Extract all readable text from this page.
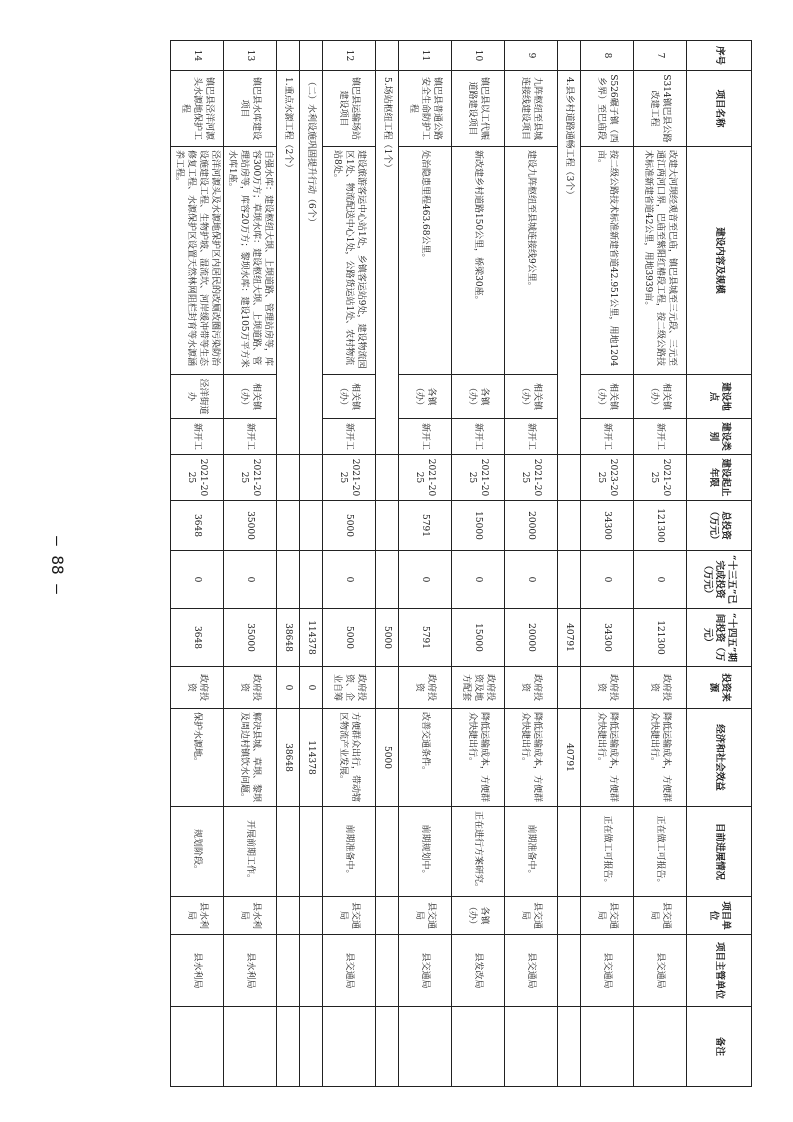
序号	项目名称	建设内容及规模	建设地点	建设类别	建设起止年限	总投资（万元）	“十三五”已完成投资（万元）	“十四五”期间投资（万元）	投资来源	经济和社会效益	目前进展情况	项目单位	项目主管单位	备注	
7	S314镇巴县公路改建工程	改建大河坝经观音至巴庙，镇巴县城至三元段、三元至通江两河口界，巴庙至紫阳红椿段工程，按二级公路技术标准新建省道42公里，用地3939亩。	相关镇（办）	新开工	2021-2025	121300	0	121300	政府投资	降低运输成本，方便群众快捷出行。	正在做工可报告。	县交通局	县交通局		
8	S526碾子镇（西乡界）至巴庙段	按二级公路技术标准新建省道42.951公里，用地1204亩。	相关镇（办）	新开工	2023-2025	34300	0	34300	政府投资	降低运输成本，方便群众快捷出行。	正在做工可报告。	县交通局	县交通局		
	4.县乡村道路通畅工程（3个）							40791		40791						
9	九阵枢纽至县城连接线建设项目	建设九阵枢纽至县城连接线9公里。	相关镇（办）	新开工	2021-2025	20000	0	20000	政府投资	降低运输成本，方便群众快捷出行。	前期准备中。	县交通局	县交通局		
10	镇巴县以工代赈道路建设项目	新改建乡村道路150公里，桥梁30座。	各镇（办）	新开工	2021-2025	15000	0	15000	政府投资及地方配套	降低运输成本，方便群众快捷出行。	正在进行方案研究。	各镇（办）	县发改局		
11	镇巴县普通公路安全生命防护工程	处治隐患里程463.68公里。	各镇（办）	新开工	2021-2025	5791	0	5791	政府投资	改善交通条件。	前期规划中。	县交通局	县交通局		
	5.场站枢纽工程（1个）							5000		5000						
12	镇巴县运输场站建设项目	建设旅游客运中心站1处，乡镇客运站9处，建设物流园区1处、物流配送中心1处，公路货运站1处、农村物流站8处。	相关镇（办）	新开工	2021-2025	5000	0	5000	政府投资、企业自筹	方便群众出行，带动辖区物流产业发展。	前期准备中。	县交通局	县交通局		
	（二）水利设施巩固提升行动（6个）							114378	0	114378						
	1.重点水源工程（2个）							38648	0	38648						
13	镇巴县水库建设项目	自强水库：建设枢纽大坝、上坝道路、管理站房等，库容300万方；草坝水库：建设枢纽大坝、上坝道路、管理站房等，库容20万方；黎坝水库：建设105万平方米水库1座。	相关镇（办）	新开工	2021-2025	35000	0	35000	政府投资	解决县城、草坝、黎坝及周边村镇饮水问题。	开展前期工作。	县水利局	县水利局		
14	镇巴县泾洋河源头水源地保护工程	泾洋河源头及水源地保护区内居民的改厕改圈污染防治设施建设工程、生物护坡、湿流坎、河岸缓冲带等生态修复工程、水源保护区设置天然林网阻栏封育等水源涵养工程。	泾洋街道办	新开工	2021-2025	3648	0	3648	政府投资	保护水源地。	规划阶段。	县水利局	县水利局		
— 88 —
